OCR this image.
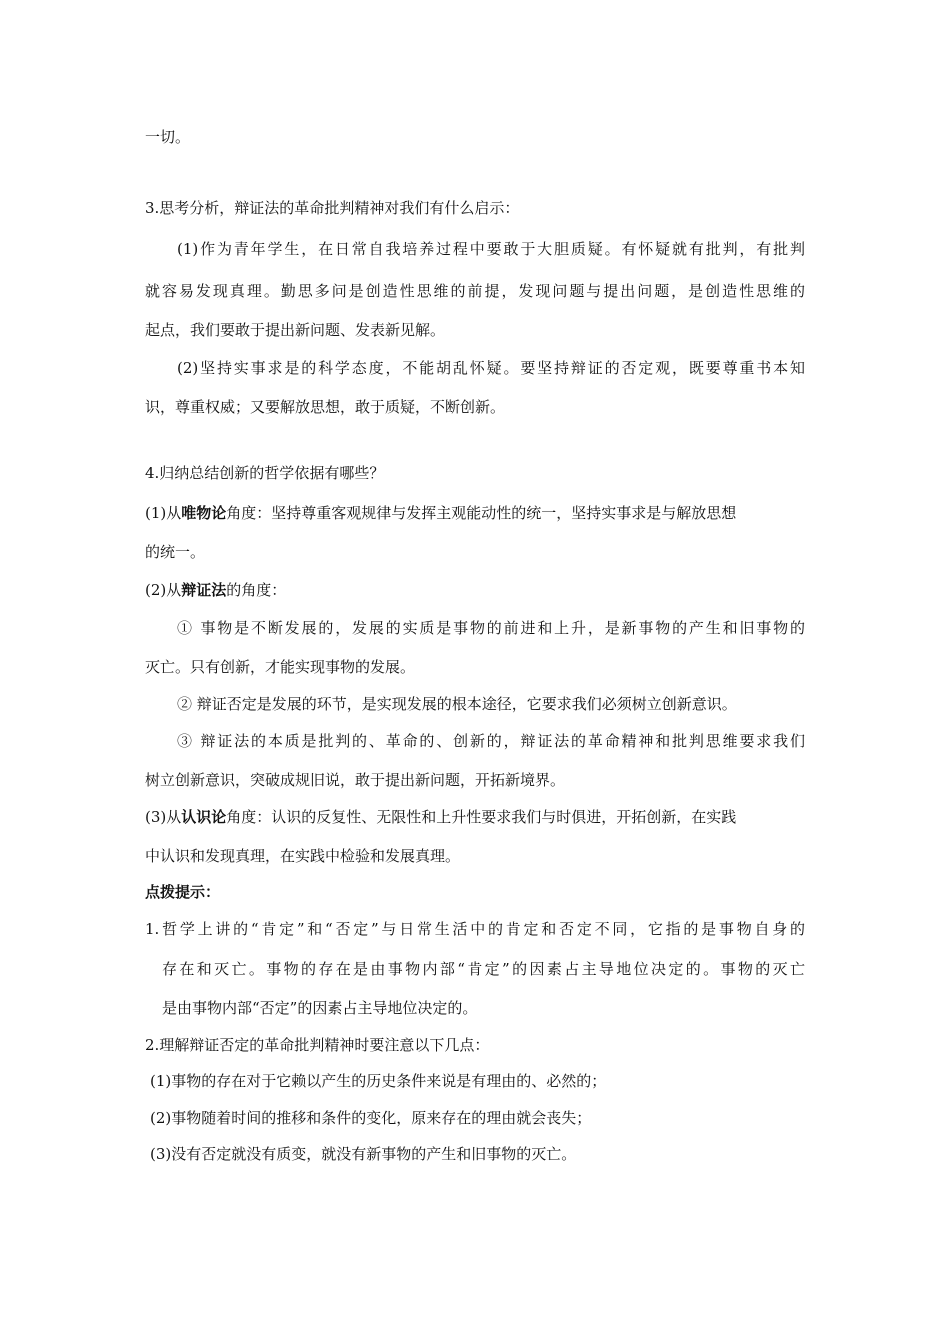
一切。
3.思考分析，辩证法的革命批判精神对我们有什么启示：
(1)作为青年学生，在日常自我培养过程中要敢于大胆质疑。有怀疑就有批判，有批判
就容易发现真理。勤思多问是创造性思维的前提，发现问题与提出问题，是创造性思维的
起点，我们要敢于提出新问题、发表新见解。
(2)坚持实事求是的科学态度，不能胡乱怀疑。要坚持辩证的否定观，既要尊重书本知
识，尊重权威；又要解放思想，敢于质疑，不断创新。
4.归纳总结创新的哲学依据有哪些？
(1)从唯物论角度：坚持尊重客观规律与发挥主观能动性的统一，坚持实事求是与解放思想
的统一。
(2)从辩证法的角度：
① 事物是不断发展的，发展的实质是事物的前进和上升，是新事物的产生和旧事物的
灭亡。只有创新，才能实现事物的发展。
② 辩证否定是发展的环节，是实现发展的根本途径，它要求我们必须树立创新意识。
③ 辩证法的本质是批判的、革命的、创新的，辩证法的革命精神和批判思维要求我们
树立创新意识，突破成规旧说，敢于提出新问题，开拓新境界。
(3)从认识论角度：认识的反复性、无限性和上升性要求我们与时俱进，开拓创新，在实践
中认识和发现真理，在实践中检验和发展真理。
点拨提示：
1.哲学上讲的“肯定”和“否定”与日常生活中的肯定和否定不同，它指的是事物自身的
存在和灭亡。事物的存在是由事物内部“肯定”的因素占主导地位决定的。事物的灭亡
是由事物内部“否定”的因素占主导地位决定的。
2.理解辩证否定的革命批判精神时要注意以下几点：
(1)事物的存在对于它赖以产生的历史条件来说是有理由的、必然的；
(2)事物随着时间的推移和条件的变化，原来存在的理由就会丧失；
(3)没有否定就没有质变，就没有新事物的产生和旧事物的灭亡。
